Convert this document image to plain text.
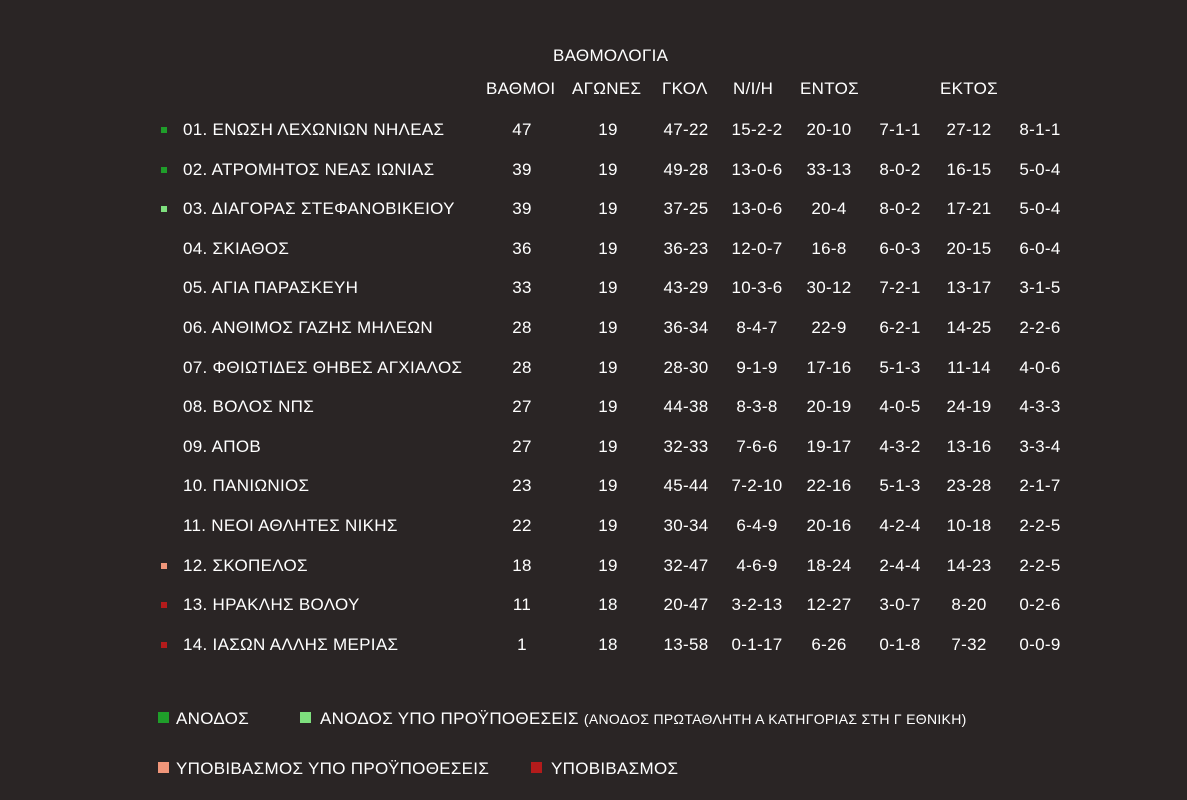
ΒΑΘΜΟΛΟΓΙΑ
ΒΑΘΜΟΙ ΑΓΩΝΕΣ ΓΚΟΛ Ν/Ι/Η ΕΝΤΟΣ	ΕΚΤΟΣ
01. ΕΝΩΣΗ ΛΕΧΩΝΙΩΝ ΝΗΛΕΑΣ	47	19	47-22 15-2-2 20-10 7-1-1 27-12 8-1-1
02. ΑΤΡΟΜΗΤΟΣ ΝΕΑΣ ΙΩΝΙΑΣ	39	19	49-28 13-0-6 33-13 8-0-2 16-15 5-0-4
03. ΔΙΑΓΟΡΑΣ ΣΤΕΦΑΝΟΒΙΚΕΙΟΥ	39	19	37-25 13-0-6 20-4 8-0-2 17-21 5-0-4
04. ΣΚΙΑΘΟΣ	36	19	36-23 12-0-7 16-8 6-0-3 20-15 6-0-4
05. ΑΓΙΑ ΠΑΡΑΣΚΕΥΗ	33	19	43-29 10-3-6 30-12 7-2-1 13-17 3-1-5
06. ΑΝΘΙΜΟΣ ΓΑΖΗΣ ΜΗΛΕΩΝ	28	19	36-34 8-4-7 22-9 6-2-1 14-25 2-2-6
07. ΦΘΙΩΤΙΔΕΣ ΘΗΒΕΣ ΑΓΧΙΑΛΟΣ	28	19	28-30 9-1-9 17-16 5-1-3 11-14 4-0-6
08. ΒΟΛΟΣ ΝΠΣ	27	19	44-38 8-3-8 20-19 4-0-5 24-19 4-3-3
09. ΑΠΟΒ	27	19	32-33 7-6-6 19-17 4-3-2 13-16 3-3-4
10. ΠΑΝΙΩΝΙΟΣ	23	19	45-44 7-2-10 22-16 5-1-3 23-28 2-1-7
11. ΝΕΟΙ ΑΘΛΗΤΕΣ ΝΙΚΗΣ	22	19	30-34 6-4-9 20-16 4-2-4 10-18 2-2-5
12. ΣΚΟΠΕΛΟΣ	18	19	32-47 4-6-9 18-24 2-4-4 14-23 2-2-5
13. ΗΡΑΚΛΗΣ ΒΟΛΟΥ	11	18	20-47 3-2-13 12-27 3-0-7 8-20 0-2-6
14. ΙΑΣΩΝ ΑΛΛΗΣ ΜΕΡΙΑΣ	1	18	13-58 0-1-17 6-26 0-1-8 7-32 0-0-9
ΑΝΟΔΟΣ	ΑΝΟΔΟΣ ΥΠΟ ΠΡΟΫΠΟΘΕΣΕΙΣ (ΑΝΟΔΟΣ ΠΡΩΤΑΘΛΗΤΗ Α ΚΑΤΗΓΟΡΙΑΣ ΣΤΗ Γ ΕΘΝΙΚΗ)
ΥΠΟΒΙΒΑΣΜΟΣ ΥΠΟ ΠΡΟΫΠΟΘΕΣΕΙΣ	ΥΠΟΒΙΒΑΣΜΟΣ
